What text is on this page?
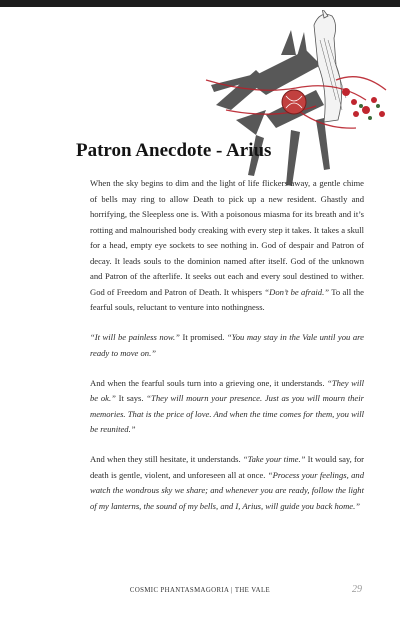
Patron Anecdote - Arius

When the sky begins to dim and the light of life flickers away, a gentle chime of bells may ring to allow Death to pick up a new resident. Ghastly and horrifying, the Sleepless one is. With a poisonous miasma for its breath and it’s rotting and malnourished body creaking with every step it takes. It takes a skull for a head, empty eye sockets to see nothing in. God of despair and Patron of decay. It leads souls to the dominion named after itself. God of the unknown and Patron of the afterlife. It seeks out each and every soul destined to wither. God of Freedom and Patron of Death. It whispers “Don’t be afraid.” To all the fearful souls, reluctant to venture into nothingness.

“It will be painless now.” It promised. “You may stay in the Vale until you are ready to move on.”

And when the fearful souls turn into a grieving one, it understands. “They will be ok.” It says. “They will mourn your presence. Just as you will mourn their memories. That is the price of love. And when the time comes for them, you will be reunited.”

And when they still hesitate, it understands. “Take your time.” It would say, for death is gentle, violent, and unforeseen all at once. “Process your feelings, and watch the wondrous sky we share; and whenever you are ready, follow the light of my lanterns, the sound of my bells, and I, Arius, will guide you back home.”

COSMIC PHANTASMAGORIA | THE VALE	29
